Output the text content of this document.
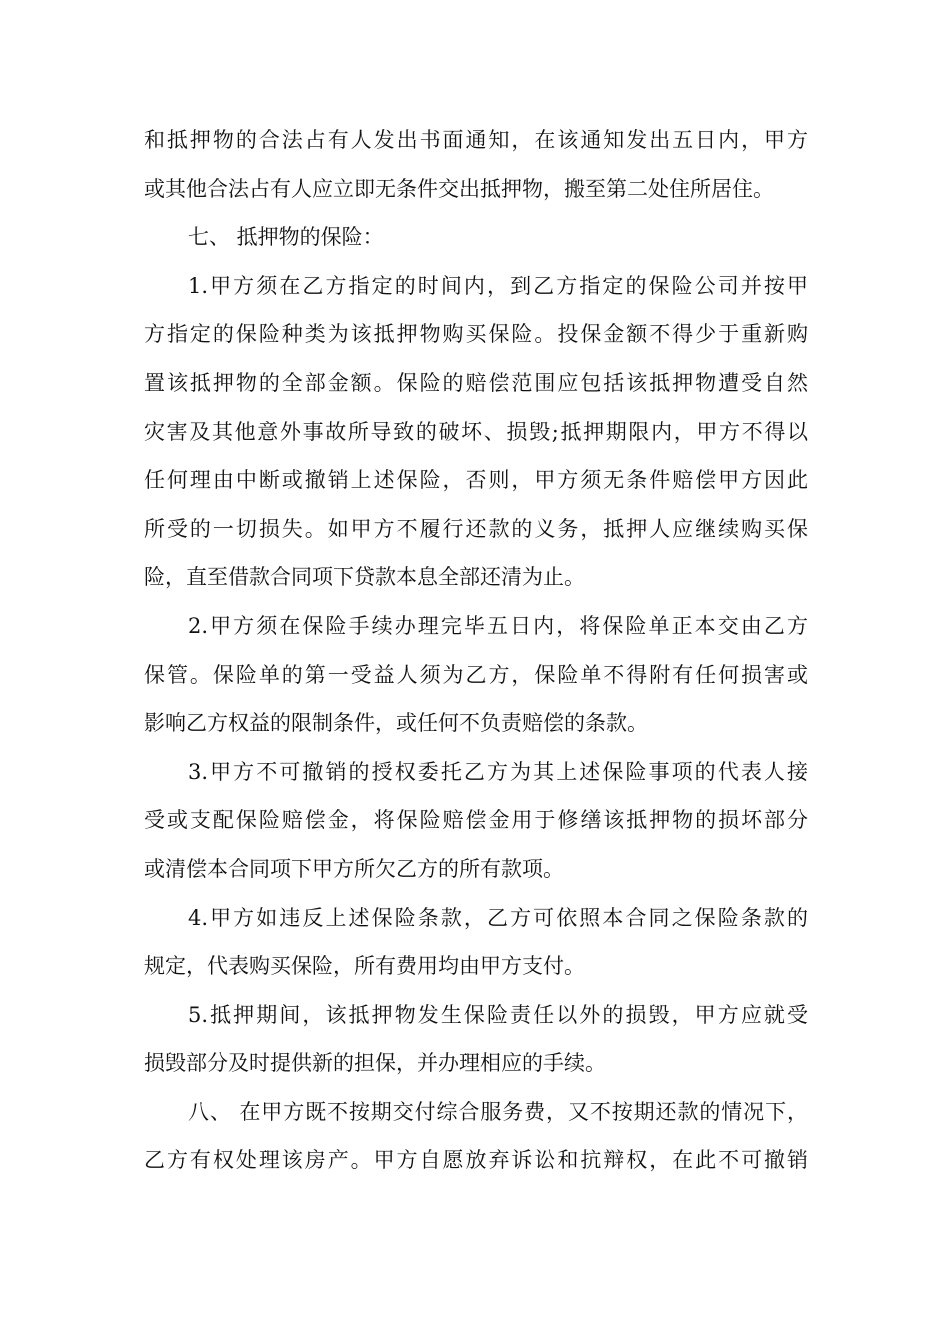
和抵押物的合法占有人发出书面通知，在该通知发出五日内，甲方
或其他合法占有人应立即无条件交出抵押物，搬至第二处住所居住。
七、 抵押物的保险：
1.甲方须在乙方指定的时间内，到乙方指定的保险公司并按甲
方指定的保险种类为该抵押物购买保险。投保金额不得少于重新购
置该抵押物的全部金额。保险的赔偿范围应包括该抵押物遭受自然
灾害及其他意外事故所导致的破坏、损毁;抵押期限内，甲方不得以
任何理由中断或撤销上述保险，否则，甲方须无条件赔偿甲方因此
所受的一切损失。如甲方不履行还款的义务，抵押人应继续购买保
险，直至借款合同项下贷款本息全部还清为止。
2.甲方须在保险手续办理完毕五日内，将保险单正本交由乙方
保管。保险单的第一受益人须为乙方，保险单不得附有任何损害或
影响乙方权益的限制条件，或任何不负责赔偿的条款。
3.甲方不可撤销的授权委托乙方为其上述保险事项的代表人接
受或支配保险赔偿金，将保险赔偿金用于修缮该抵押物的损坏部分
或清偿本合同项下甲方所欠乙方的所有款项。
4.甲方如违反上述保险条款，乙方可依照本合同之保险条款的
规定，代表购买保险，所有费用均由甲方支付。
5.抵押期间，该抵押物发生保险责任以外的损毁，甲方应就受
损毁部分及时提供新的担保，并办理相应的手续。
八、 在甲方既不按期交付综合服务费，又不按期还款的情况下，
乙方有权处理该房产。甲方自愿放弃诉讼和抗辩权，在此不可撤销
